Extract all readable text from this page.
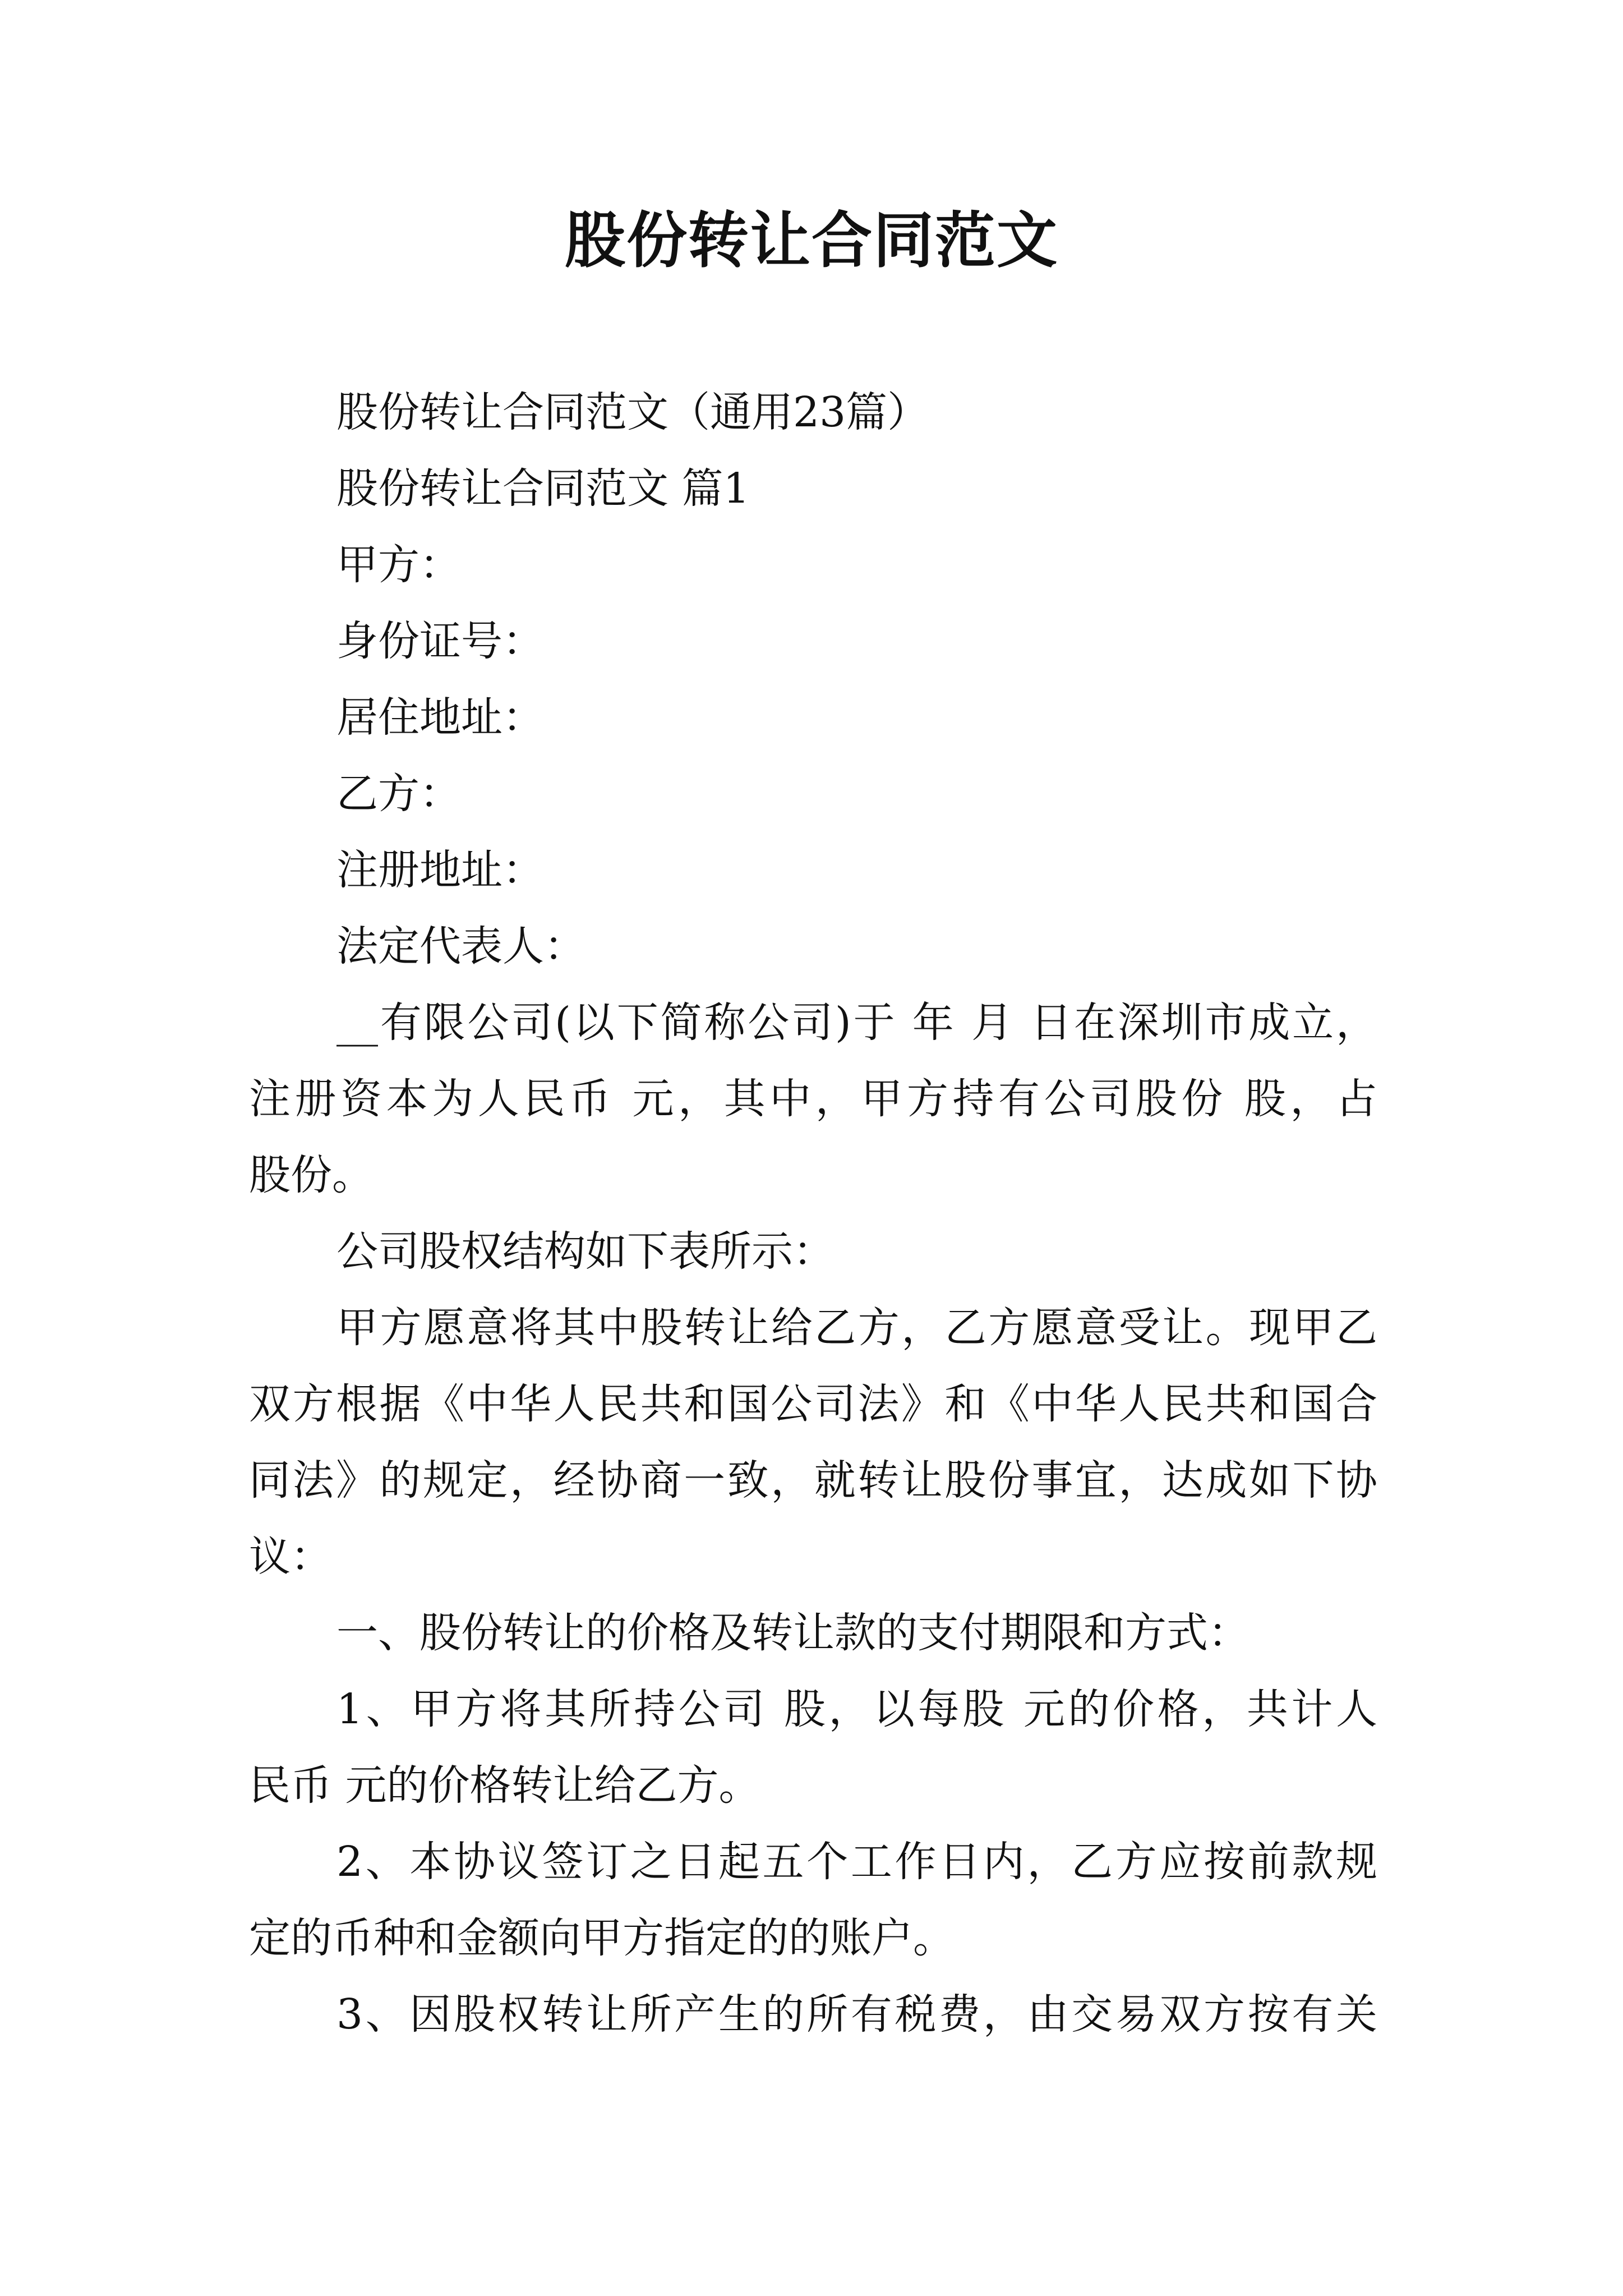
股份转让合同范文
股份转让合同范文（通用23篇）
股份转让合同范文 篇1
甲方：
身份证号：
居住地址：
乙方：
注册地址：
法定代表人：
__有限公司(以下简称公司)于 年 月 日在深圳市成立，
注册资本为人民币 元，其中，甲方持有公司股份 股，占
股份。
公司股权结构如下表所示：
甲方愿意将其中股转让给乙方，乙方愿意受让。现甲乙
双方根据《中华人民共和国公司法》和《中华人民共和国合
同法》的规定，经协商一致，就转让股份事宜，达成如下协
议：
一、股份转让的价格及转让款的支付期限和方式：
1、甲方将其所持公司 股，以每股 元的价格，共计人
民币 元的价格转让给乙方。
2、本协议签订之日起五个工作日内，乙方应按前款规
定的币种和金额向甲方指定的的账户。
3、因股权转让所产生的所有税费，由交易双方按有关
